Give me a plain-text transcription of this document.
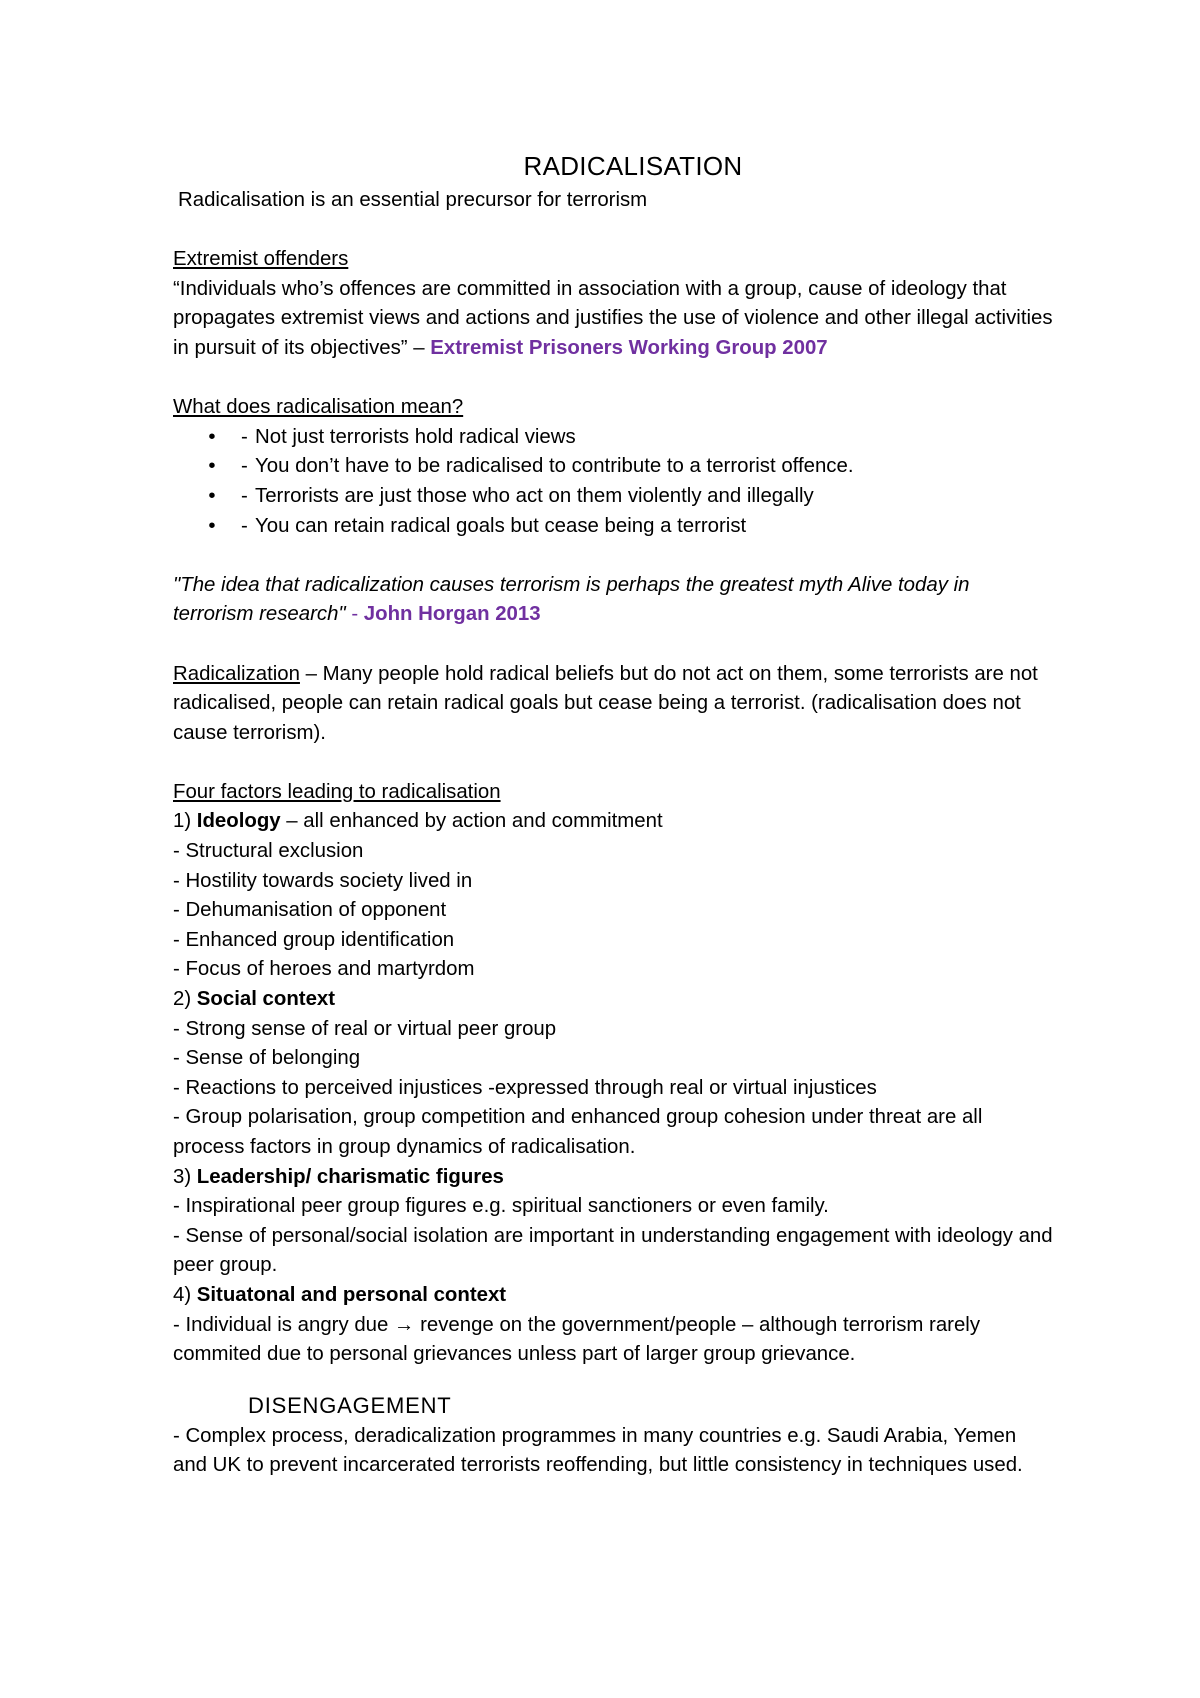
RADICALISATION

Radicalisation is an essential precursor for terrorism

Extremist offenders

“Individuals who’s offences are committed in association with a group, cause of ideology that propagates extremist views and actions and justifies the use of violence and other illegal activities in pursuit of its objectives” – Extremist Prisoners Working Group 2007

What does radicalisation mean?

• - Not just terrorists hold radical views
• - You don’t have to be radicalised to contribute to a terrorist offence.
• - Terrorists are just those who act on them violently and illegally
• - You can retain radical goals but cease being a terrorist

"The idea that radicalization causes terrorism is perhaps the greatest myth Alive today in terrorism research" - John Horgan 2013

Radicalization – Many people hold radical beliefs but do not act on them, some terrorists are not radicalised, people can retain radical goals but cease being a terrorist. (radicalisation does not cause terrorism).

Four factors leading to radicalisation

1) Ideology – all enhanced by action and commitment

- Structural exclusion

- Hostility towards society lived in

- Dehumanisation of opponent

- Enhanced group identification

- Focus of heroes and martyrdom

2) Social context

- Strong sense of real or virtual peer group

- Sense of belonging

- Reactions to perceived injustices -expressed through real or virtual injustices

- Group polarisation, group competition and enhanced group cohesion under threat are all process factors in group dynamics of radicalisation.

3) Leadership/ charismatic figures

- Inspirational peer group figures e.g. spiritual sanctioners or even family.

- Sense of personal/social isolation are important in understanding engagement with ideology and peer group.

4) Situatonal and personal context

- Individual is angry due → revenge on the government/people – although terrorism rarely commited due to personal grievances unless part of larger group grievance.

DISENGAGEMENT

- Complex process, deradicalization programmes in many countries e.g. Saudi Arabia, Yemen and UK to prevent incarcerated terrorists reoffending, but little consistency in techniques used.
